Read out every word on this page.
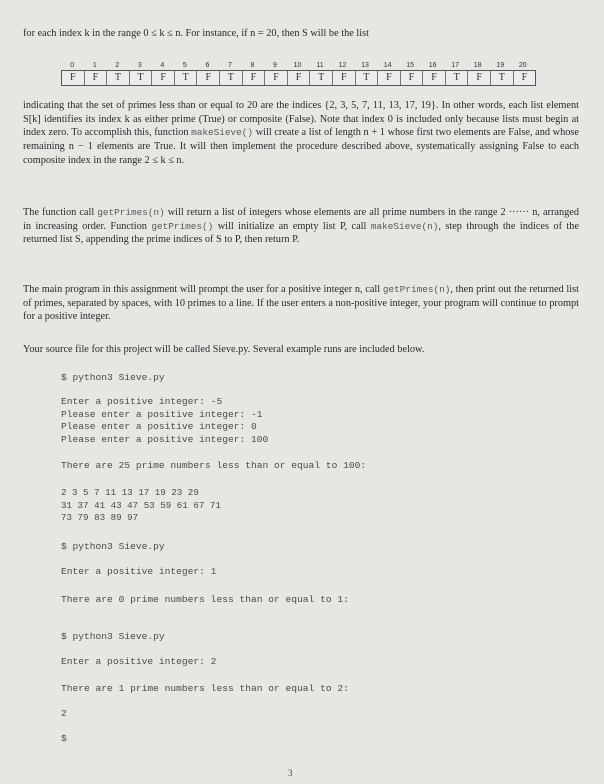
for each index k in the range 0 ≤ k ≤ n. For instance, if n = 20, then S will be the list
0	1	2	3	4	5	6	7	8	9	10	11	12	13	14	15	16	17	18	19	20
F	F	T	T	F	T	F	T	F	F	F	T	F	T	F	F	F	T	F	T	F
indicating that the set of primes less than or equal to 20 are the indices {2, 3, 5, 7, 11, 13, 17, 19}. In other words, each list element S[k] identifies its index k as either prime (True) or composite (False). Note that index 0 is included only because lists must begin at index zero. To accomplish this, function makeSieve() will create a list of length n + 1 whose first two elements are False, and whose remaining n − 1 elements are True. It will then implement the procedure described above, systematically assigning False to each composite index in the range 2 ≤ k ≤ n.
The function call getPrimes(n) will return a list of integers whose elements are all prime numbers in the range 2 ······ n, arranged in increasing order. Function getPrimes() will initialize an empty list P, call makeSieve(n), step through the indices of the returned list S, appending the prime indices of S to P, then return P.
The main program in this assignment will prompt the user for a positive integer n, call getPrimes(n), then print out the returned list of primes, separated by spaces, with 10 primes to a line. If the user enters a non-positive integer, your program will continue to prompt for a positive integer.
Your source file for this project will be called Sieve.py. Several example runs are included below.
$ python3 Sieve.py
Enter a positive integer: -5
Please enter a positive integer: -1
Please enter a positive integer: 0
Please enter a positive integer: 100
There are 25 prime numbers less than or equal to 100:
2 3 5 7 11 13 17 19 23 29
31 37 41 43 47 53 59 61 67 71
73 79 83 89 97
$ python3 Sieve.py
Enter a positive integer: 1
There are 0 prime numbers less than or equal to 1:
$ python3 Sieve.py
Enter a positive integer: 2
There are 1 prime numbers less than or equal to 2:
2
$
3
